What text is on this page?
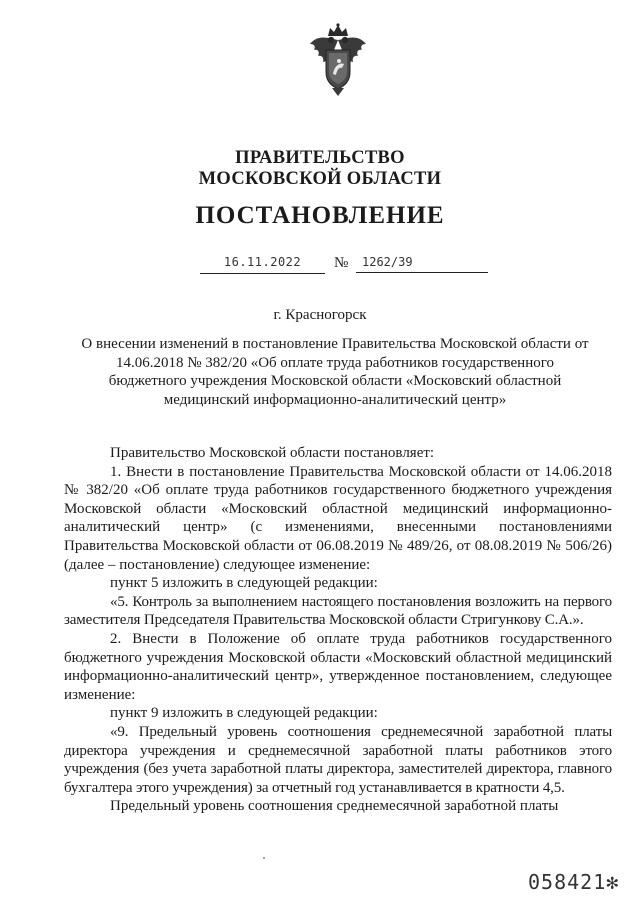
ПРАВИТЕЛЬСТВО
МОСКОВСКОЙ ОБЛАСТИ
ПОСТАНОВЛЕНИЕ
16.11.2022	№	1262/39
г. Красногорск
О внесении изменений в постановление Правительства Московской области от 14.06.2018 № 382/20 «Об оплате труда работников государственного бюджетного учреждения Московской области «Московский областной медицинский информационно-аналитический центр»

Правительство Московской области постановляет:

1. Внести в постановление Правительства Московской области от 14.06.2018 № 382/20 «Об оплате труда работников государственного бюджетного учреждения Московской области «Московский областной медицинский информационно-аналитический центр» (с изменениями, внесенными постановлениями Правительства Московской области от 06.08.2019 № 489/26, от 08.08.2019 № 506/26) (далее – постановление) следующее изменение:

пункт 5 изложить в следующей редакции:

«5. Контроль за выполнением настоящего постановления возложить на первого заместителя Председателя Правительства Московской области Стригункову С.А.».

2. Внести в Положение об оплате труда работников государственного бюджетного учреждения Московской области «Московский областной медицинский информационно-аналитический центр», утвержденное постановлением, следующее изменение:

пункт 9 изложить в следующей редакции:

«9. Предельный уровень соотношения среднемесячной заработной платы директора учреждения и среднемесячной заработной платы работников этого учреждения (без учета заработной платы директора, заместителей директора, главного бухгалтера этого учреждения) за отчетный год устанавливается в кратности 4,5.

Предельный уровень соотношения среднемесячной заработной платы

058421✻
